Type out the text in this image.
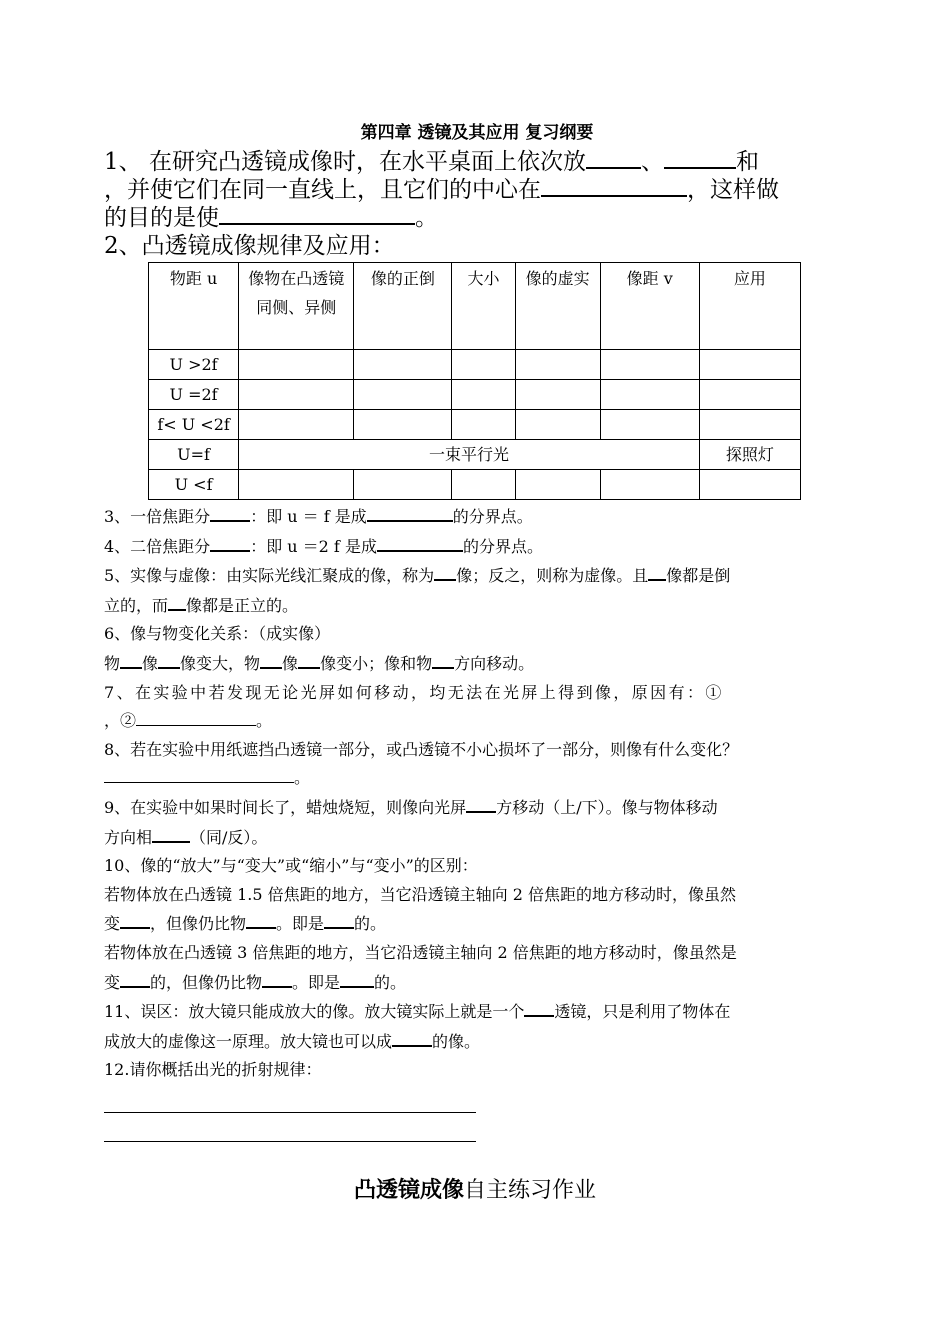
第四章 透镜及其应用 复习纲要
1、 在研究凸透镜成像时，在水平桌面上依次放 、	和
，并使它们在同一直线上，且它们的中心在	，这样做
的目的是使	。
2、凸透镜成像规律及应用：
物距 u	像物在凸透镜同侧、异侧	像的正倒	大小	像的虚实	像距 v	应用
U >2f						
U =2f						
f< U <2f						
U=f	一束平行光					探照灯
U <f						
3、一倍焦距分	：即 u ＝ f 是成	的分界点。
4、二倍焦距分	：即 u ＝2 f 是成	的分界点。
5、实像与虚像：由实际光线汇聚成的像，称为 像；反之，则称为虚像。且 像都是倒
立的，而 像都是正立的。
6、像与物变化关系：（成实像）
物 像 像变大，物 像 像变小；像和物 方向移动。
7、在实验中若发现无论光屏如何移动，均无法在光屏上得到像，原因有：①
，②	。
8、若在实验中用纸遮挡凸透镜一部分，或凸透镜不小心损坏了一部分，则像有什么变化？
。
9、在实验中如果时间长了，蜡烛烧短，则像向光屏 方移动（上/下）。像与物体移动
方向相 （同/反）。
10、像的“放大”与“变大”或“缩小”与“变小”的区别：
若物体放在凸透镜 1.5 倍焦距的地方，当它沿透镜主轴向 2 倍焦距的地方移动时，像虽然
变 ，但像仍比物 。即是 的。
若物体放在凸透镜 3 倍焦距的地方，当它沿透镜主轴向 2 倍焦距的地方移动时，像虽然是
变 的，但像仍比物 。即是 的。
11、误区：放大镜只能成放大的像。放大镜实际上就是一个 透镜，只是利用了物体在
成放大的虚像这一原理。放大镜也可以成	的像。
12.请你概括出光的折射规律：
凸透镜成像自主练习作业
